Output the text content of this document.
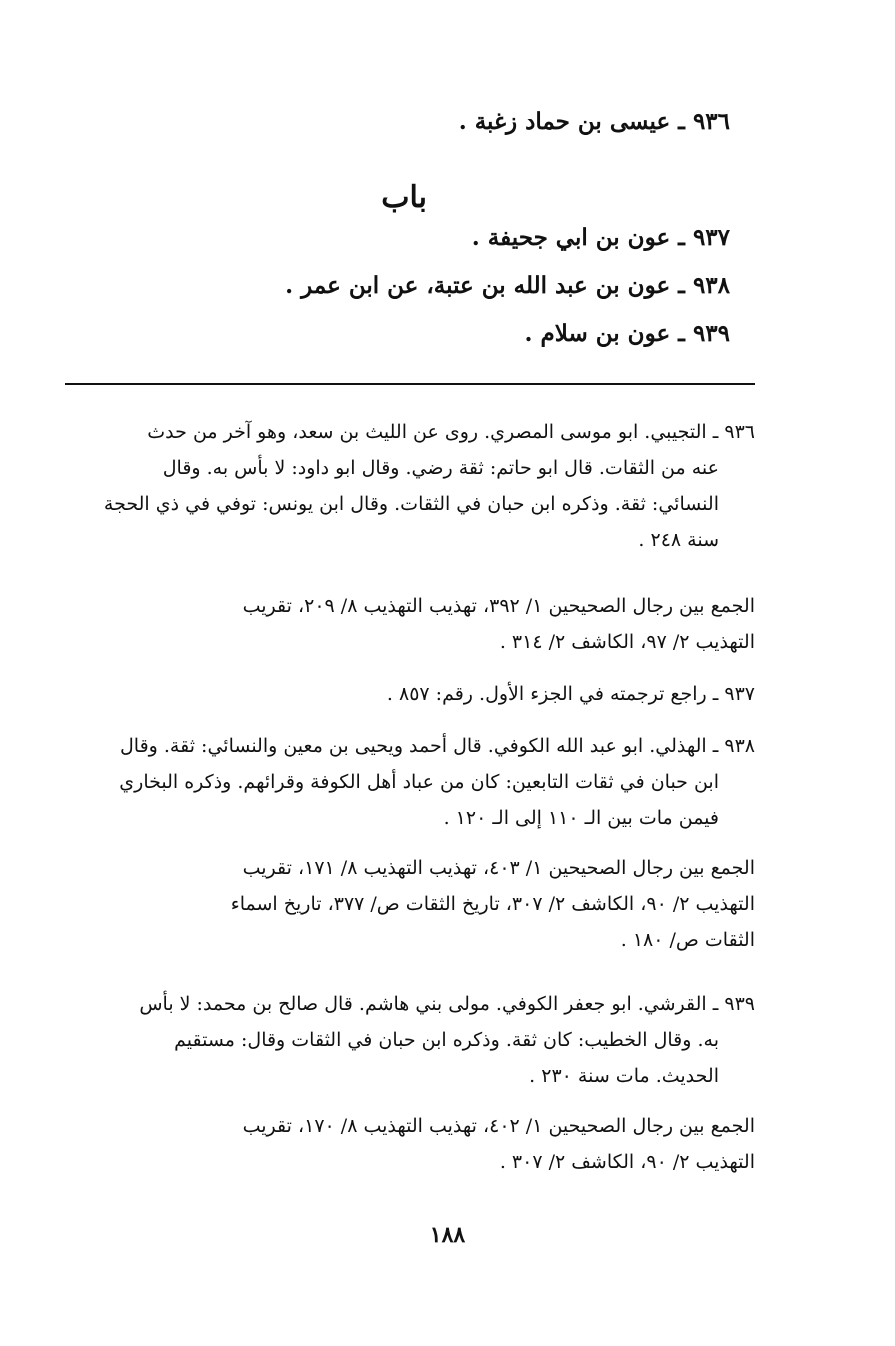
٩٣٦ ـ عيسى بن حماد زغبة .
باب
٩٣٧ ـ عون بن ابي جحيفة .
٩٣٨ ـ عون بن عبد الله بن عتبة، عن ابن عمر .
٩٣٩ ـ عون بن سلام .
٩٣٦ ـ التجيبي. ابو موسى المصري. روى عن الليث بن سعد، وهو آخر من حدث
عنه من الثقات. قال ابو حاتم: ثقة رضي. وقال ابو داود: لا بأس به. وقال
النسائي: ثقة. وذكره ابن حبان في الثقات. وقال ابن يونس: توفي في ذي الحجة
سنة ٢٤٨ .
الجمع بين رجال الصحيحين ١/ ٣٩٢، تهذيب التهذيب ٨/ ٢٠٩، تقريب
التهذيب ٢/ ٩٧، الكاشف ٢/ ٣١٤ .
٩٣٧ ـ راجع ترجمته في الجزء الأول. رقم: ٨٥٧ .
٩٣٨ ـ الهذلي. ابو عبد الله الكوفي. قال أحمد ويحيى بن معين والنسائي: ثقة. وقال
ابن حبان في ثقات التابعين: كان من عباد أهل الكوفة وقرائهم. وذكره البخاري
فيمن مات بين الـ ١١٠ إلى الـ ١٢٠ .
الجمع بين رجال الصحيحين ١/ ٤٠٣، تهذيب التهذيب ٨/ ١٧١، تقريب
التهذيب ٢/ ٩٠، الكاشف ٢/ ٣٠٧، تاريخ الثقات ص/ ٣٧٧، تاريخ اسماء
الثقات ص/ ١٨٠ .
٩٣٩ ـ القرشي. ابو جعفر الكوفي. مولى بني هاشم. قال صالح بن محمد: لا بأس
به. وقال الخطيب: كان ثقة. وذكره ابن حبان في الثقات وقال: مستقيم
الحديث. مات سنة ٢٣٠ .
الجمع بين رجال الصحيحين ١/ ٤٠٢، تهذيب التهذيب ٨/ ١٧٠، تقريب
التهذيب ٢/ ٩٠، الكاشف ٢/ ٣٠٧ .
١٨٨
